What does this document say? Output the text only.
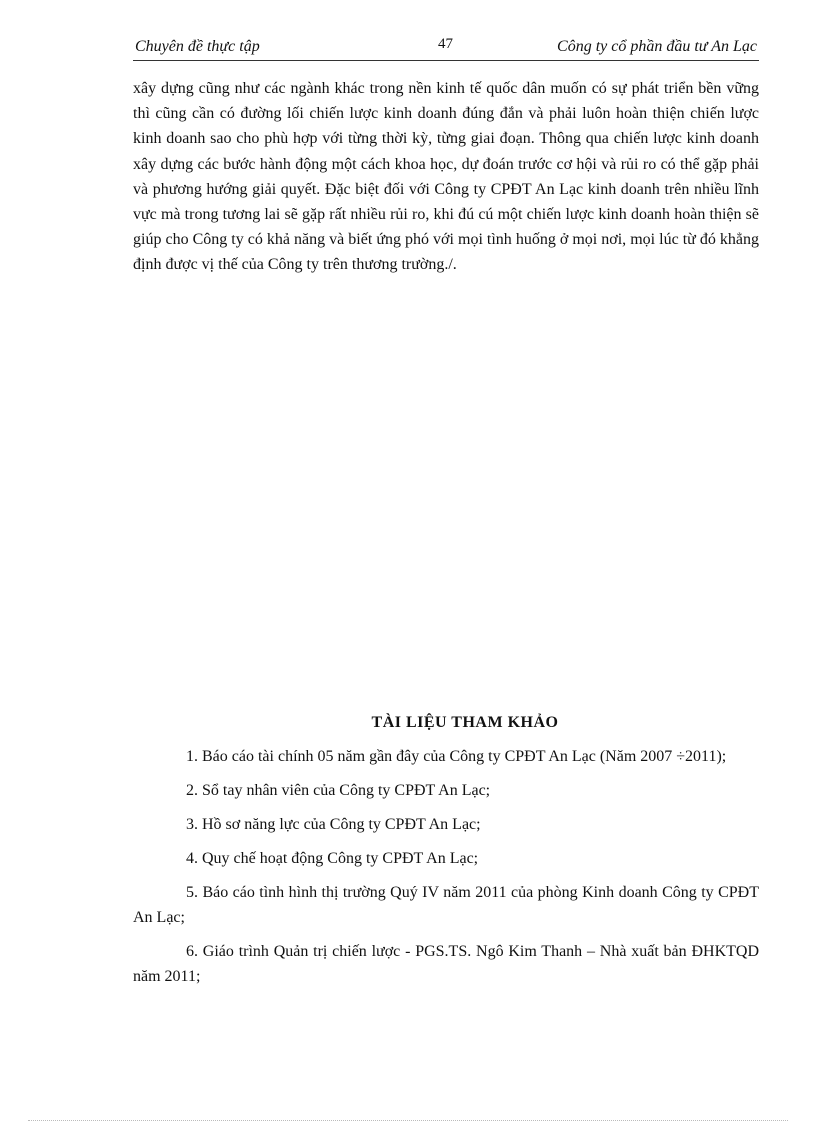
Chuyên đề thực tập	47	Công ty cổ phần đầu tư An Lạc
xây dựng cũng như các ngành khác trong nền kinh tế quốc dân muốn có sự phát triển bền vững thì cũng cần có đường lối chiến lược kinh doanh đúng đắn và phải luôn hoàn thiện chiến lược kinh doanh sao cho phù hợp với từng thời kỳ, từng giai đoạn. Thông qua chiến lược kinh doanh xây dựng các bước hành động một cách khoa học, dự đoán trước cơ hội và rủi ro có thể gặp phải và phương hướng giải quyết. Đặc biệt đối với Công ty CPĐT An Lạc kinh doanh trên nhiều lĩnh vực mà trong tương lai sẽ gặp rất nhiều rủi ro, khi đú cú một chiến lược kinh doanh hoàn thiện sẽ giúp cho Công ty có khả năng và biết ứng phó với mọi tình huống ở mọi nơi, mọi lúc từ đó khẳng định được vị thế của Công ty trên thương trường./.
TÀI LIỆU THAM KHẢO

1. Báo cáo tài chính 05 năm gần đây của Công ty CPĐT An Lạc (Năm 2007 ÷2011);

2. Sổ tay nhân viên của Công ty CPĐT An Lạc;

3. Hồ sơ năng lực của Công ty CPĐT An Lạc;

4. Quy chế hoạt động Công ty CPĐT An Lạc;

5. Báo cáo tình hình thị trường Quý IV năm 2011 của phòng Kinh doanh Công ty CPĐT An Lạc;

6. Giáo trình Quản trị chiến lược - PGS.TS. Ngô Kim Thanh – Nhà xuất bản ĐHKTQD năm 2011;
